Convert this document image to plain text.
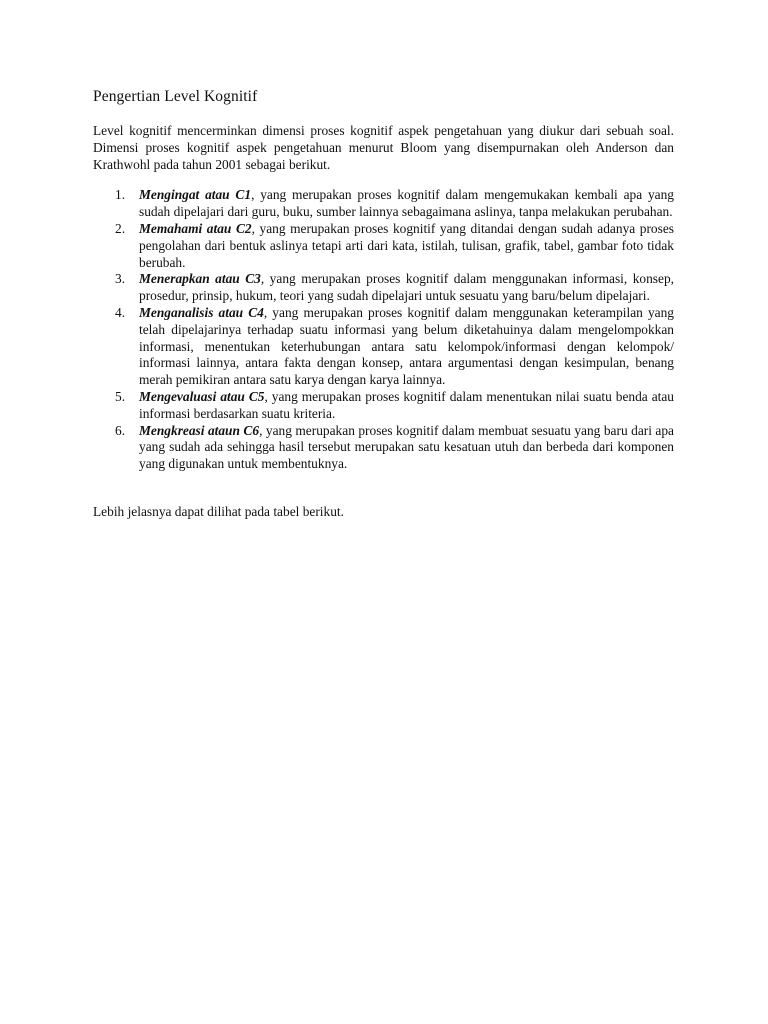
Pengertian Level Kognitif

Level kognitif mencerminkan dimensi proses kognitif aspek pengetahuan yang diukur dari sebuah soal. Dimensi proses kognitif aspek pengetahuan menurut Bloom yang disempurnakan oleh Anderson dan Krathwohl pada tahun 2001 sebagai berikut.

1. Mengingat atau C1, yang merupakan proses kognitif dalam mengemukakan kembali apa yang sudah dipelajari dari guru, buku, sumber lainnya sebagaimana aslinya, tanpa melakukan perubahan.
2. Memahami atau C2, yang merupakan proses kognitif yang ditandai dengan sudah adanya proses pengolahan dari bentuk aslinya tetapi arti dari kata, istilah, tulisan, grafik, tabel, gambar foto tidak berubah.
3. Menerapkan atau C3, yang merupakan proses kognitif dalam menggunakan informasi, konsep, prosedur, prinsip, hukum, teori yang sudah dipelajari untuk sesuatu yang baru/belum dipelajari.
4. Menganalisis atau C4, yang merupakan proses kognitif dalam menggunakan keterampilan yang telah dipelajarinya terhadap suatu informasi yang belum diketahuinya dalam mengelompokkan informasi, menentukan keterhubungan antara satu kelompok/informasi dengan kelompok/ informasi lainnya, antara fakta dengan konsep, antara argumentasi dengan kesimpulan, benang merah pemikiran antara satu karya dengan karya lainnya.
5. Mengevaluasi atau C5, yang merupakan proses kognitif dalam menentukan nilai suatu benda atau informasi berdasarkan suatu kriteria.
6. Mengkreasi ataun C6, yang merupakan proses kognitif dalam membuat sesuatu yang baru dari apa yang sudah ada sehingga hasil tersebut merupakan satu kesatuan utuh dan berbeda dari komponen yang digunakan untuk membentuknya.

Lebih jelasnya dapat dilihat pada tabel berikut.
